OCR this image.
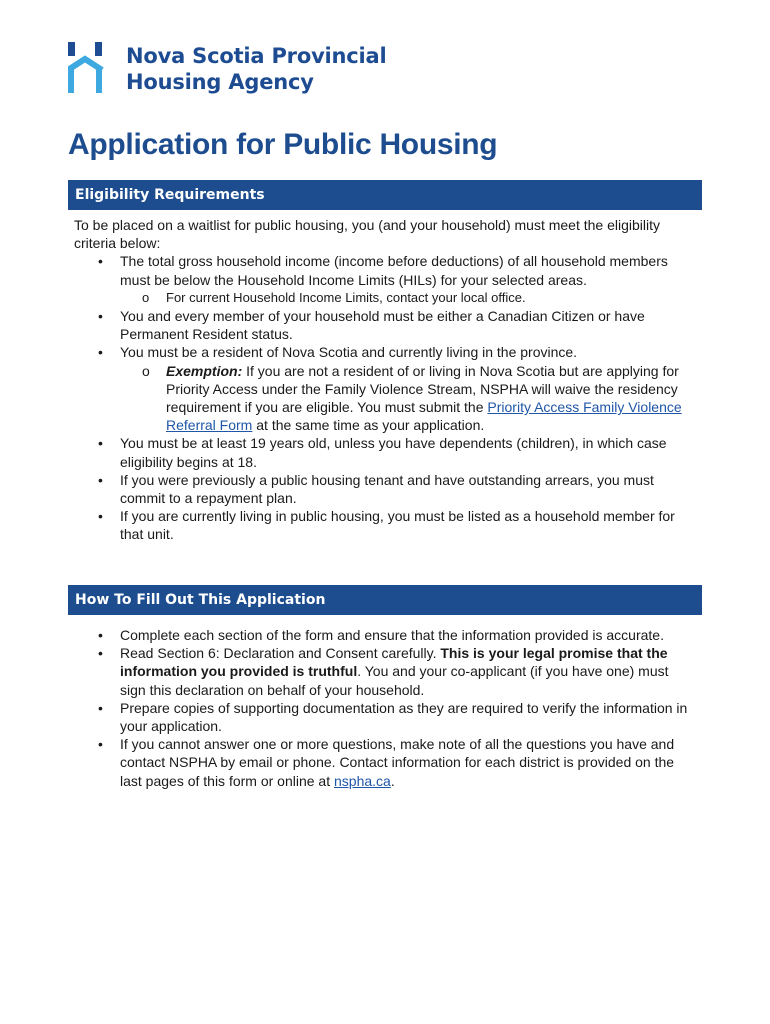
Nova Scotia Provincial
Housing Agency
Application for Public Housing
Eligibility Requirements

To be placed on a waitlist for public housing, you (and your household) must meet the eligibility criteria below:

• The total gross household income (income before deductions) of all household members must be below the Household Income Limits (HILs) for your selected areas.
o For current Household Income Limits, contact your local office.
• You and every member of your household must be either a Canadian Citizen or have Permanent Resident status.
• You must be a resident of Nova Scotia and currently living in the province.
o Exemption: If you are not a resident of or living in Nova Scotia but are applying for Priority Access under the Family Violence Stream, NSPHA will waive the residency requirement if you are eligible. You must submit the Priority Access Family Violence Referral Form at the same time as your application.
• You must be at least 19 years old, unless you have dependents (children), in which case eligibility begins at 18.
• If you were previously a public housing tenant and have outstanding arrears, you must commit to a repayment plan.
• If you are currently living in public housing, you must be listed as a household member for that unit.
How To Fill Out This Application
• Complete each section of the form and ensure that the information provided is accurate.
• Read Section 6: Declaration and Consent carefully. This is your legal promise that the information you provided is truthful. You and your co-applicant (if you have one) must sign this declaration on behalf of your household.
• Prepare copies of supporting documentation as they are required to verify the information in your application.
• If you cannot answer one or more questions, make note of all the questions you have and contact NSPHA by email or phone. Contact information for each district is provided on the last pages of this form or online at nspha.ca.
